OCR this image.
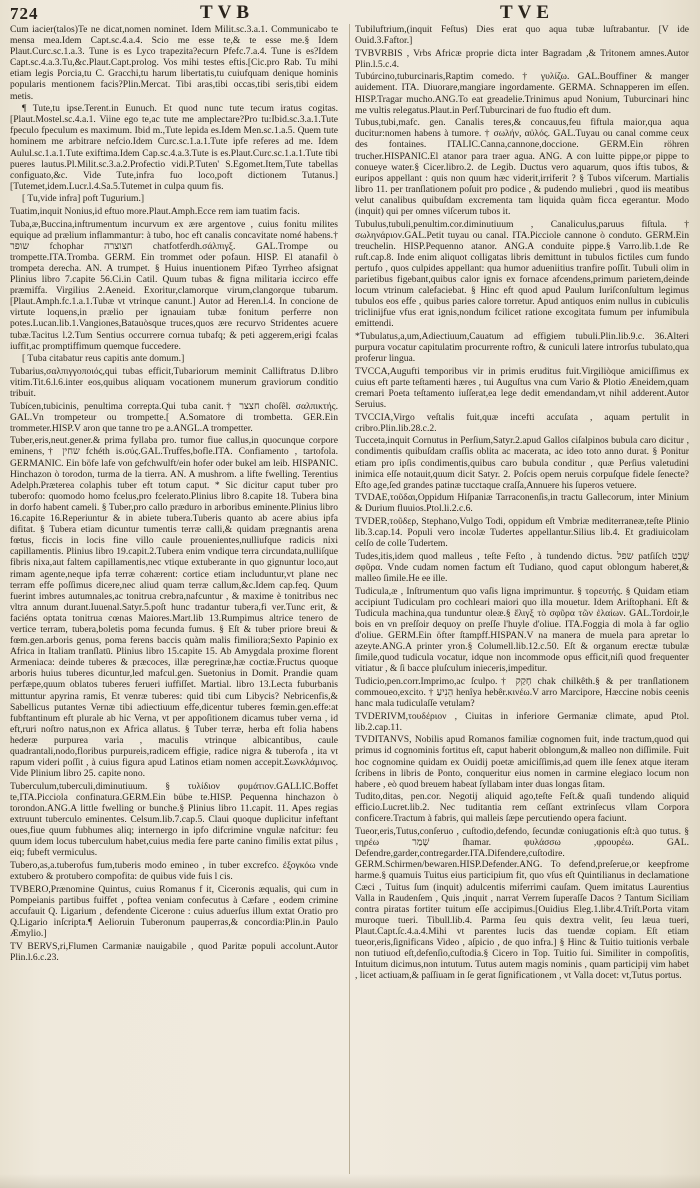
724	TVB	TVE

Cum iacier(talos)Te ne dicat,nomen nominet. Idem Milit.sc.3.a.1. Communicabo te mensa mea.Idem Capt.sc.4.a.4. Scio me esse te,& te esse me.§ Idem Plaut.Curc.sc.1.a.3. Tune is es Lyco trapezita?ecurn Pfefc.7.a.4. Tune is es?Idem Capt.sc.4.a.3.Tu,&c.Plaut.Capt.prolog. Vos mihi testes eftis.[Cic.pro Rab. Tu mihi etiam legis Porcia,tu C. Gracchi,tu harum libertatis,tu cuiufquam denique hominis popularis mentionem facis?Plin.Mercat. Tibi aras,tibi occas,tibi seris,tibi eidem metis.

¶ Tute,tu ipse.Terent.in Eunuch. Et quod nunc tute tecum iratus cogitas.[Plaut.Mostel.sc.4.a.1. Viine ego te,ac tute me amplectare?Pro tu:Ibid.sc.3.a.1.Tute fpeculo fpeculum es maximum. Ibid m.,Tute lepida es.Idem Men.sc.1.a.5. Quem tute hominem me arbitrare nefcio.Idem Curc.sc.1.a.1.Tute ipfe referes ad me. Idem Aulul.sc.1.a.1.Tute exiftima.Idem Cap.sc.4.a.3.Tute is es.Plaut.Curc.sc.1.a.1.Tute tibi pueres lautus.Pl.Milit.sc.3.a.2.Profectio vidi.P.Tuten' S.Egomet.Item,Tute tabellas configuato,&c. Vide Tute,infra fuo loco,poft dictionem Tutanus.][Tutemet,idem.Lucr.l.4.Sa.5.Tutemet in culpa quum fis.

[ Tu,vide infra] poft Tugurium.]

Tuatim,inquit Nonius,id eftuo more.Plaut.Amph.Ecce rem iam tuatim facis.

Tuba,æ,Buccina,inftrumentum incurvum ex ære argentove , cuius fonitu milites equique ad prælium inflammantur: à tubo, hoc eft canalis concavitate nomé habens.† שופר fchophar חצוצרה chatfotferdh.σάλπιγξ. GAL.Trompe ou trompette.ITA.Tromba. GERM. Ein trommet oder pofaun. HISP. El atanafil ò trompeta derecha. AN. A trumpet. § Huius inuentionem Pifæo Tyrrheo afsignat Plinius libro 7.capite 56.Ci.in Catil. Quum tubas & figna militaria iccirco effe præmiffa. Virgilius 2.Aeneid. Exoritur,clamorque virum,clangorque tubarum.[Plaut.Amph.fc.1.a.1.Tubæ vt vtrinque canunt.] Autor ad Heren.l.4. In concione de virtute loquens,in prælio per ignauiam tubæ fonitum perferre non potes.Lucan.lib.1.Vangiones,Batauòsque truces,quos ære recurvo Stridentes acuere tubæ.Tacitus l.2.Tum Sentius occurrere cornua tubafq; & peti aggerem,erigi fcalas iuffit,ac promptiffimum quemque fuccedere.

[ Tuba citabatur reus capitis ante domum.]

Tubarius,σαλπιγγοποιός,qui tubas efficit,Tubariorum meminit Calliftratus D.libro vitim.Tit.6.l.6.inter eos,quibus aliquam vocationem munerum graviorum conditio tribuit.

Tubícen,tubicinis, penultima correpta.Qui tuba canit.† חצצר choſêl. σαλπικτής. GAL.Vn trompeteur ou trompette.[ A.Somatore di trombetta. GER.Ein trommeter.HISP.V aron que tanne tro pe a.ANGL.A trompetter.

Tuber,eris,neut.gener.& prima fyllaba pro. tumor fiue callus,in quocunque corpore eminens,† שחין fchéth is.σύς.GAL.Truffes,bofle.ITA. Confiamento , tartofola. GERMANIC. Ein böfe lafe von gefchwulft/ein hofer oder bukel am leib. HISPANIC. Hinchazon ò torodon, turma de la tierra. AN. A mushrom. a lifte fwelling. Terentius Adelph.Prætereа colaphis tuber eft totum caput. * Sic dicitur caput tuber pro tuberofo: quomodo homo fcelus,pro fcelerato.Plinius libro 8.capite 18. Tubera bina in dorfo habent cameli. § Tuber,pro callo præduro in arboribus eminente.Plinius libro 16.capite 16.Reperiuntur & in abiete tubera.Tuberis quanto ab acere abius ipfa difitat. § Tubera etiam dicuntur tumentis terræ calli,& quidam prægnantis arena fœtus, ficcis in locis fine villo caule prouenientes,nulliufque radicis nixi capillamentis. Plinius libro 19.capit.2.Tubera enim vndique terra circundata,nulliſque fibris nixa,aut faltem capillamentis,nec vtique extuberante in quo gignuntur loco,aut rimam agente,neque ipfa terræ cohærent: cortice etiam includuntur,vt plane nec terram effe poſſimus dicere,nec aliud quam terræ callum,&c.Idem cap.feq. Quum fuerint imbres autumnales,ac tonitrua crebra,nafcuntur , & maxime è tonitribus nec vltra annum durant.Iuuenal.Satyr.5.poſt hunc tradantur tubera,fi ver.Tunc erit, & faciéns optata tonitrua cœnas Maiores.Mart.lib 13.Rumpimus altrice tenero de vertice terram, tubera,boletis poma fecunda fumus. § Eſt & tuber priore breui & fœm.gen.arboris genus, poma ferens baccis quàm malis fimiliora;Sexto Papinio ex Africa in Italiam tranſlatū. Plinius libro 15.capite 15. Ab Amygdala proxime florent Armeniaca: deinde tuberes & præcoces, illæ peregrinæ,hæ coctiæ.Fructus quoque arboris huius tuberes dicuntur,led mafcul.gen. Suetonius in Domit. Prandie quam perfæpe,quum oblatos tuberes ferueri iuffiſſet. Martial. libro 13.Lecta fuburbanis mittuntur apyrina ramis, Et venræ tuberes: quid tibi cum Libycis? Nebricenfis,& Sabellicus putantes Vernæ tibi adiectiuum effe,dicentur tuberes fœmin.gen.effe:at fubftantinum eft plurale ab hic Verna, vt per appoſitionem dicamus tuber verna , id eft,ruri noſtro natus,non ex Africa allatus. § Tuber terræ, herba eft folia habens hederæ purpurea varia , maculis vtrinque albicantibus, caule quadrantali,nodo,floribus purpureis,radicem effigie, radice nigra & tuberofa , ita vt rapum videri poſſit , à cuius figura apud Latinos etiam nomen accepit.Σωνκλάμινος. Vide Plinium libro 25. capite nono.

Tuberculum,tuberculi,diminutiuum. § τυλίδιον φυμάτιον.GALLIC.Boffet te,ITA.Picciola confinatura.GERM.Ein bübe te.HISP. Pequenna hinchazon ò torondon.ANG.A little fwelling or bunche.§ Plinius libro 11.capit. 11. Apes regias extruunt tuberculo eminentes. Celsum.lib.7.cap.5. Claui quoque duplicitur infeftant oues,fiue quum fubhumes aliq; internergo in ipfo difcrimine vngulæ nafcitur: feu quum idem locus tuberculum habet,cuius media fere parte canino fimilis extat pilus , eiq; fubeft vermiculus.

Tubero,as,a.tuberofus fum,tuberis modo emineo , in tuber excrefco. ἐξογκόω vnde extubero & protubero compofita: de quibus vide fuis l cis.

TVBERO,Prænomine Quintus, cuius Romanus f it, Ciceronis æqualis, qui cum in Pompeianis partibus fuiffet , poftea veniam confecutus à Cæfare , eodem crimine accufauit Q. Ligarium , defendente Cicerone : cuius aduerſus illum extat Oratio pro Q.Ligario inſcripta.¶ Aelioruin Tuberonum pauperras,& concordia:Plin.in Paulo Æmylio.]

TV BERVS,ri,Flumen Carmaniæ nauigabile , quod Paritæ populi accolunt.Autor Plin.l.6.c.23.

Tubiluftrium,(inquit Feſtus) Dies erat quo aqua tubæ luſtrabantur. [V ide Ouid.3.Faftor.]

TVBVRBIS , Vrbs Africæ proprie dicta inter Bagradam ,& Tritonem amnes.Autor Plin.l.5.c.4.

Tubúrcino,tuburcinaris,Raptim comedo. † γυλίζω. GAL.Bouffiner & manger auidement. ITA. Diuorare,mangiare ingordamente. GERMA. Schnapperen im eſſen. HISP.Tragar mucho.ANG.To eat greadelie.Trinimus apud Nonium, Tuburcinari hinc me vultis relegatus.Plaut.in Perſ.Tuburcinari de fuo ftudio eft dum.

Tubus,tubi,mafc. gen. Canalis teres,& concauus,feu fiftula maior,qua aqua ducitur:nomen habens à tumore. † σωλήν, αὐλός. GAL.Tuyau ou canal comme ceux des fontaines. ITALIC.Canna,cannone,doccione. GERM.Ein röhren trucher.HISPANIC.El atanor para traer agua. ANG. A con luitte pippe,or pippe to conueye water.§ Cicer.libro.2. de Legib. Ductus vero aquarum, quos iftis tubos, & euripos appellant : quis non quum hæc viderit,irriferit ? § Tubos viſcerum. Martialis libro 11. per tranſlationem poſuit pro podice , & pudendo muliebri , quod iis meatibus velut canalibus quibuſdam excrementa tam liquida quàm ficca egerantur. Modo (inquit) qui per omnes viſcerum tubos it.

Tubulus,tubuli,penultim.cor.diminutiuum , Canaliculus,paruus fiſtula. † σωληνάριον.GAL.Petit tuyau ou canal. ITA.Picciole cannone ò conduto. GERM.Ein treuchelin. HISP.Pequenno atanor. ANG.A conduite pippe.§ Varro.lib.1.de Re ruſt.cap.8. Inde enim aliquot colligatas libris demittunt in tubulos fictiles cum fundo pertufo , quos culpides appellant: qua humor adueniitius tranfire poſſit. Tubuli olim in parietibus figebant,quibus calor ignis ex fornace afcendens,primum parietem,deinde locum vtrinum calefaciebat. § Hinc eft quod apud Paulum Iuriſconſultum legimus tubulos eos effe , quibus paries calore torretur. Apud antiquos enim nullus in cubiculis triclinijfue vfus erat ignis,nondum fcilicet ratione excogitata fumum per infumibula emittendi.

*Tubulatus,a,um,Adiectiuum,Cauatum ad effigiem tubuli.Plin.lib.9.c. 36.Alteri purpura vocatur capitulatim procurrente roftro, & cuniculi latere introrſus tubulato,qua proferur lingua.

TVCCA,Augufti temporibus vir in primis eruditus fuit.Virgiliòque amiciſſimus ex cuius eft parte teſtamenti hæres , tui Auguſtus vna cum Vario & Plotio Æneidem,quam cremari Poeta teſtamento iuſſerat,ea lege dedit emendandam,vt nihil adderent.Autor Seruius.

TVCCIA,Virgo veſtalis fuit,quæ incefti accuſata , aquam pertulit in cribro.Plin.lib.28.c.2.

Tucceta,inquit Cornutus in Perſium,Satyr.2.apud Gallos ciſalpinos bubula caro dicitur , condimentis quibuſdam craſſis oblita ac macerata, ac ideo toto anno durat. § Ponitur etiam pro ipſis condimentis,quibus caro bubula conditur , quæ Perſius valetudini inimica eſſe notauit,quum dicit Satyr. 2. Poſcis opem neruis corpuſque fidele ſenecte? Eſto age,ſed grandes patinæ tucctaque craſſa,Annuere his ſuperos vetuere.

TVDAE,τοῦδαι,Oppidum Hiſpaniæ Tarraconenſis,in tractu Gallecorum, inter Minium & Durium fluuios.Ptol.li.2.c.6.

TVDER,τοῦδερ, Stephano,Vulgo Todi, oppidum eſt Vmbriæ mediterraneæ,teſte Plinio lib.3.cap.14. Populi vero incolæ Tudertes appellantur.Silius lib.4. Et gradiuicolam celſo de colle Tudertem.

Tudes,itis,idem quod malleus , teſte Feſto , à tundendo dictus. שפל patſiſch שְׁבַט σφῦρα. Vnde cudam nomen factum eſt Tudiano, quod caput oblongum haberet,& malleo ſimile.He ee ille.

Tudicula,æ , Inſtrumentum quo vaſis ligna imprimuntur. § τορευτής. § Quidam etiam accipiunt Tudiculam pro cochleari maiori quo illa mouetur. Idem Ariſtophani. Eſt & Tudicula machina,qua tunduntur oleæ.§ ἔλιγξ τὸ σφῦρα τῶν ἐλαίων. GAL.Tordoir,le bois en vn preſſoir dequoy on preſſe l'huyle d'oliue. ITA.Foggia di mola à far oglio d'oliue. GERM.Ein öfter ſtampff.HISPAN.V na manera de muela para apretar lo azeyte.ANG.A printer yron.§ Columell.lib.12.c.50. Eſt & organum erectæ tubulæ ſimile,quod tudicula vocatur, idque non incommode opus efficit,niſi quod frequenter vitiatur , & ſi bacce pluſculum inieceris,impeditur.

Tudicio,pen.corr.Imprimo,ac ſculpo.† חָקַק chak chilkêth.§ & per tranſlationem commoueo,excito. † הֵנִיעַ henîya hebêr.κινέω.V arro Marcipore, Hæccine nobis ceenis hanc mala tudiculaſſe vetulam?

TVDERIVM,τουδέριον , Ciuitas in inferiore Germaniæ climate, apud Ptol. lib.2.cap.11.

TVDITANVS, Nobilis apud Romanos familiæ cognomen fuit, inde tractum,quod qui primus id cognominis fortitus eſt, caput haberit oblongum,& malleo non diſſimile. Fuit hoc cognomine quidam ex Ouidij poetæ amiciſſimis,ad quem ille ſenex atque iteram ſcribens in libris de Ponto, conqueritur eius nomen in carmine elegiaco locum non habere , eò quod breuem habeat ſyllabam inter duas longas ſitam.

Tudito,ditas, pen.cor. Negotij aliquid ago,teſte Feſt.& quaſi tundendo aliquid efficio.Lucret.lib.2. Nec tuditantia rem ceſſant extrinſecus vllam Corpora conficere.Tractum à fabris, qui malleis ſæpe percutiendo opera faciunt.

Tueor,eris,Tutus,conſeruo , cuſtodio,defendo, ſecundæ coniugationis eſt:à quo tutus. § τηρέω שָׁמַר ſhamar. φυλάσσω ,φρουρέω. GAL. Defendre,garder,contregarder.ITA.Difendere,cuſtodire. GERM.Schirmen/bewaren.HISP.Defender.ANG. To defend,preſerue,or keepfrome harme.§ quamuis Tuitus eius participium fit, quo vſus eſt Quintilianus in declamatione Cæci , Tuitus ſum (inquit) adulcentis miferrimi cauſam. Quem imitatus Laurentius Valla in Raudenſem , Quis ,inquit , narrat Verrem ſuperaſſe Dacos ? Tantum Siciliam contra piratas fortiter tuitum eſſe accipimus.[Ouidius Eleg.1.libr.4.Triſt.Porta vitam muroque tueri. Tibull.lib.4. Parma ſeu quis dextra velit, ſeu læua tueri, Plaut.Capt.ſc.4.a.4.Mihi vt parentes lucis das tuendæ copiam. Eſt etiam tueor,eris,ſignificans Video , aſpicio , de quo infra.] § Hinc & Tuitio tuitionis verbale non tutiuod eſt,defenſio,cuſtodia.§ Cicero in Top. Tuitio ſui. Similiter in compoſitis, Intuitum dicimus,non intutum. Tutus autem magis nominis , quam participij vim habet , licet actiuam,& paſſiuam in ſe gerat ſignificationem , vt Valla docet: vt,Tutus portus.
